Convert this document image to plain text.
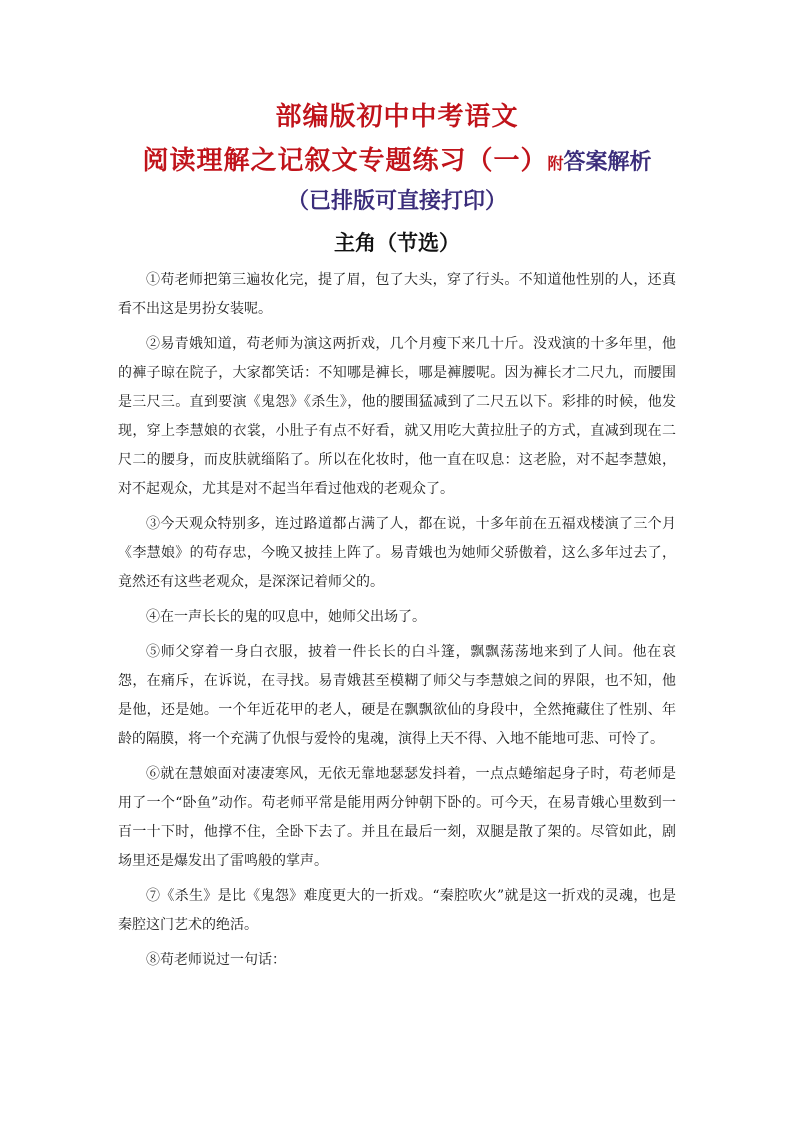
部编版初中中考语文
阅读理解之记叙文专题练习（一）附答案解析
（已排版可直接打印）
主角（节选）

①苟老师把第三遍妆化完，提了眉，包了大头，穿了行头。不知道他性别的人，还真看不出这是男扮女装呢。

②易青娥知道，苟老师为演这两折戏，几个月瘦下来几十斤。没戏演的十多年里，他的褲子晾在院子，大家都笑话：不知哪是褲长，哪是褲腰呢。因为褲长才二尺九，而腰围是三尺三。直到要演《鬼怨》《杀生》，他的腰围猛减到了二尺五以下。彩排的时候，他发现，穿上李慧娘的衣裳，小肚子有点不好看，就又用吃大黄拉肚子的方式，直减到现在二尺二的腰身，而皮肤就缁陷了。所以在化妆时，他一直在叹息：这老脸，对不起李慧娘，对不起观众，尤其是对不起当年看过他戏的老观众了。

③今天观众特别多，连过路道都占满了人，都在说，十多年前在五福戏楼演了三个月《李慧娘》的苟存忠，今晚又披挂上阵了。易青娥也为她师父骄傲着，这么多年过去了，竟然还有这些老观众，是深深记着师父的。

④在一声长长的鬼的叹息中，她师父出场了。

⑤师父穿着一身白衣服，披着一件长长的白斗篷，飘飘荡荡地来到了人间。他在哀怨，在痛斥，在诉说，在寻找。易青娥甚至模糊了师父与李慧娘之间的界限，也不知，他是他，还是她。一个年近花甲的老人，硬是在飘飘欲仙的身段中，全然掩藏住了性别、年龄的隔膜，将一个充满了仇恨与爱怜的鬼魂，演得上天不得、入地不能地可悲、可怜了。

⑥就在慧娘面对凄凄寒风，无依无靠地瑟瑟发抖着，一点点蜷缩起身子时，苟老师是用了一个“卧鱼”动作。苟老师平常是能用两分钟朝下卧的。可今天，在易青娥心里数到一百一十下时，他撑不住，全卧下去了。并且在最后一刻，双腿是散了架的。尽管如此，剧场里还是爆发出了雷鸣般的掌声。

⑦《杀生》是比《鬼怨》难度更大的一折戏。“秦腔吹火”就是这一折戏的灵魂，也是秦腔这门艺术的绝活。

⑧苟老师说过一句话：
